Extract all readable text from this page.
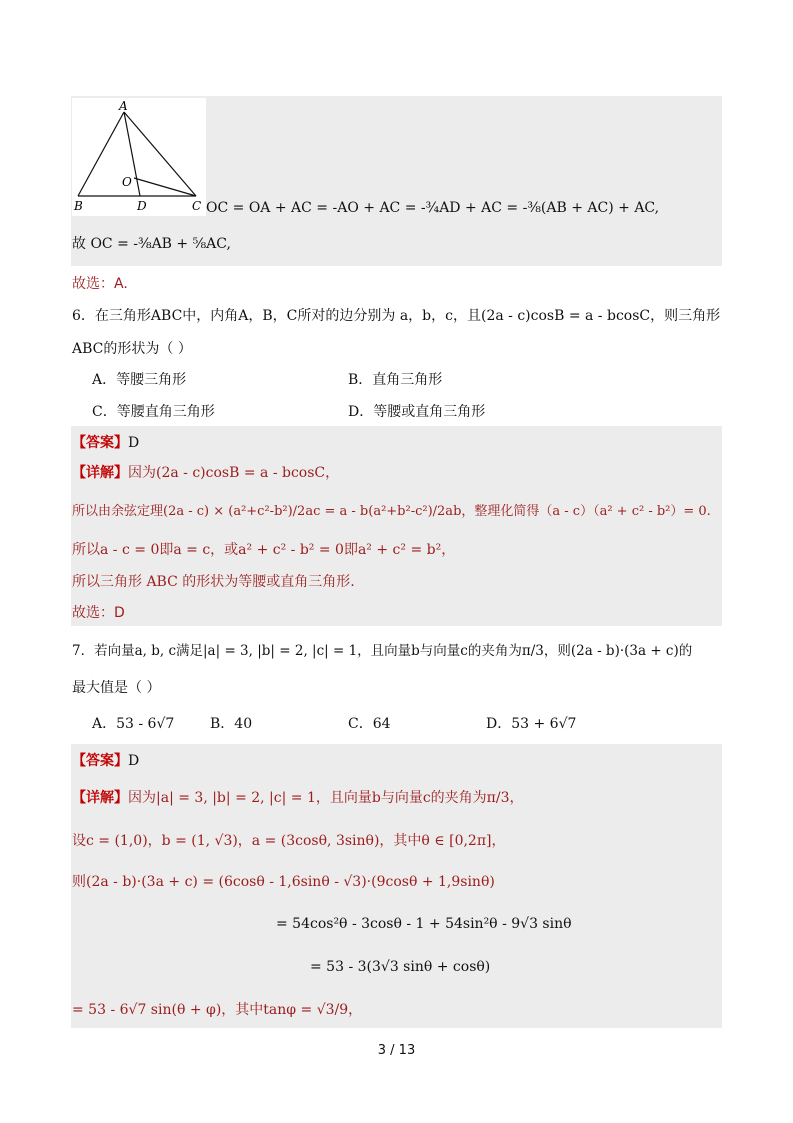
A
B	D	C
O
OC = OA + AC = -AO + AC = -¾AD + AC = -⅜(AB + AC) + AC,
故 OC = -⅜AB + ⅝AC,
故选：A.
6．在三角形ABC中，内角A，B，C所对的边分别为 a，b，c，且(2a - c)cosB = a - bcosC，则三角形
ABC的形状为（ ）
A．等腰三角形	B．直角三角形
C．等腰直角三角形	D．等腰或直角三角形
【答案】D
【详解】因为(2a - c)cosB = a - bcosC，
所以由余弦定理(2a - c) × (a²+c²-b²)/2ac = a - b(a²+b²-c²)/2ab，整理化简得（a - c）（a² + c² - b²）= 0.
所以a - c = 0即a = c，或a² + c² - b² = 0即a² + c² = b²，
所以三角形 ABC 的形状为等腰或直角三角形.
故选：D
7．若向量a, b, c满足|a| = 3, |b| = 2, |c| = 1，且向量b与向量c的夹角为π/3，则(2a - b)·(3a + c)的
最大值是（ ）
A．53 - 6√7	B．40	C．64	D．53 + 6√7
【答案】D
【详解】因为|a| = 3, |b| = 2, |c| = 1，且向量b与向量c的夹角为π/3，
设c = (1,0)，b = (1, √3)，a = (3cosθ, 3sinθ)，其中θ ∈ [0,2π]，
则(2a - b)·(3a + c) = (6cosθ - 1,6sinθ - √3)·(9cosθ + 1,9sinθ)
= 54cos²θ - 3cosθ - 1 + 54sin²θ - 9√3 sinθ
= 53 - 3(3√3 sinθ + cosθ)
= 53 - 6√7 sin(θ + φ)，其中tanφ = √3/9，
3 / 13
